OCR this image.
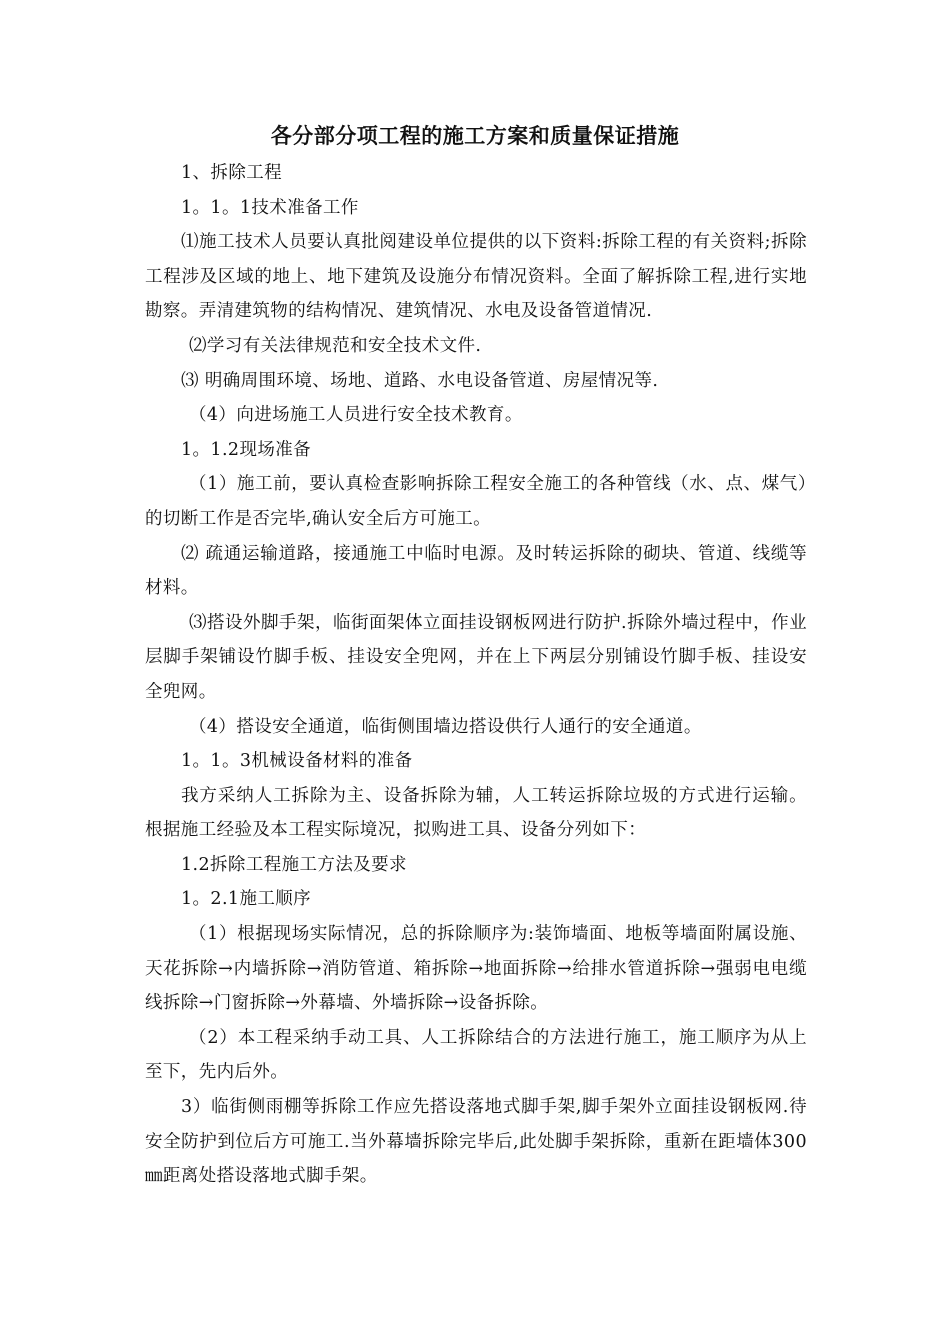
各分部分项工程的施工方案和质量保证措施

1、拆除工程

1。1。1技术准备工作

⑴施工技术人员要认真批阅建设单位提供的以下资料:拆除工程的有关资料;拆除工程涉及区域的地上、地下建筑及设施分布情况资料。全面了解拆除工程,进行实地勘察。弄清建筑物的结构情况、建筑情况、水电及设备管道情况.

⑵学习有关法律规范和安全技术文件.

⑶ 明确周围环境、场地、道路、水电设备管道、房屋情况等.

（4）向进场施工人员进行安全技术教育。

1。1.2现场准备

（1）施工前，要认真检查影响拆除工程安全施工的各种管线（水、点、煤气）的切断工作是否完毕,确认安全后方可施工。

⑵ 疏通运输道路，接通施工中临时电源。及时转运拆除的砌块、管道、线缆等材料。

⑶搭设外脚手架，临街面架体立面挂设钢板网进行防护.拆除外墙过程中，作业层脚手架铺设竹脚手板、挂设安全兜网，并在上下两层分别铺设竹脚手板、挂设安全兜网。

（4）搭设安全通道，临街侧围墙边搭设供行人通行的安全通道。

1。1。3机械设备材料的准备

我方采纳人工拆除为主、设备拆除为辅，人工转运拆除垃圾的方式进行运输。根据施工经验及本工程实际境况，拟购进工具、设备分列如下：

1.2拆除工程施工方法及要求

1。2.1施工顺序

（1）根据现场实际情况，总的拆除顺序为:装饰墙面、地板等墙面附属设施、天花拆除→内墙拆除→消防管道、箱拆除→地面拆除→给排水管道拆除→强弱电电缆线拆除→门窗拆除→外幕墙、外墙拆除→设备拆除。

（2）本工程采纳手动工具、人工拆除结合的方法进行施工，施工顺序为从上至下，先内后外。

3）临街侧雨棚等拆除工作应先搭设落地式脚手架,脚手架外立面挂设钢板网.待安全防护到位后方可施工.当外幕墙拆除完毕后,此处脚手架拆除，重新在距墙体300㎜距离处搭设落地式脚手架。
